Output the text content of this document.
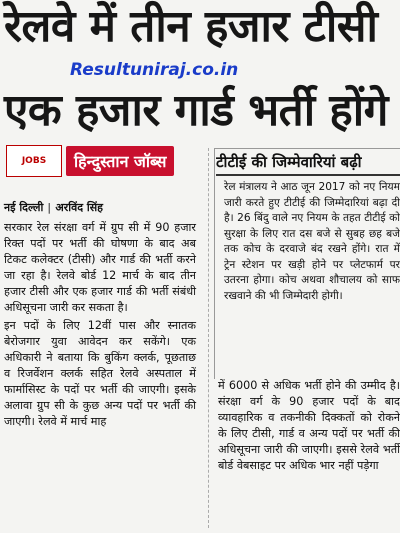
रेलवे में तीन हजार टीसी
Resultuniraj.co.in
एक हजार गार्ड भर्ती होंगे
JOBS	हिन्दुस्तान जॉब्स
नई दिल्ली | अरविंद सिंह

सरकार रेल संरक्षा वर्ग में ग्रुप सी में 90 हजार रिक्त पदों पर भर्ती की घोषणा के बाद अब टिकट कलेक्टर (टीसी) और गार्ड की भर्ती करने जा रहा है। रेलवे बोर्ड 12 मार्च के बाद तीन हजार टीसी और एक हजार गार्ड की भर्ती संबंधी अधिसूचना जारी कर सकता है।

इन पदों के लिए 12वीं पास और स्नातक बेरोजगार युवा आवेदन कर सकेंगे। एक अधिकारी ने बताया कि बुकिंग क्लर्क, पूछताछ व रिजर्वेशन क्लर्क सहित रेलवे अस्पताल में फार्मासिस्ट के पदों पर भर्ती की जाएगी। इसके अलावा ग्रुप सी के कुछ अन्य पदों पर भर्ती की जाएगी। रेलवे में मार्च माह

टीटीई की जिम्मेवारियां बढ़ी
रेल मंत्रालय ने आठ जून 2017 को नए नियम जारी करते हुए टीटीई की जिम्मेदारियां बढ़ा दी है। 26 बिंदु वाले नए नियम के तहत टीटीई को सुरक्षा के लिए रात दस बजे से सुबह छह बजे तक कोच के दरवाजे बंद रखने होंगे। रात में ट्रेन स्टेशन पर खड़ी होने पर प्लेटफार्म पर उतरना होगा। कोच अथवा शौचालय को साफ रखवाने की भी जिम्मेदारी होगी।
में 6000 से अधिक भर्ती होने की उम्मीद है। संरक्षा वर्ग के 90 हजार पदों के बाद व्यावहारिक व तकनीकी दिक्कतों को रोकने के लिए टीसी, गार्ड व अन्य पदों पर भर्ती की अधिसूचना जारी की जाएगी। इससे रेलवे भर्ती बोर्ड वेबसाइट पर अधिक भार नहीं पड़ेगा
